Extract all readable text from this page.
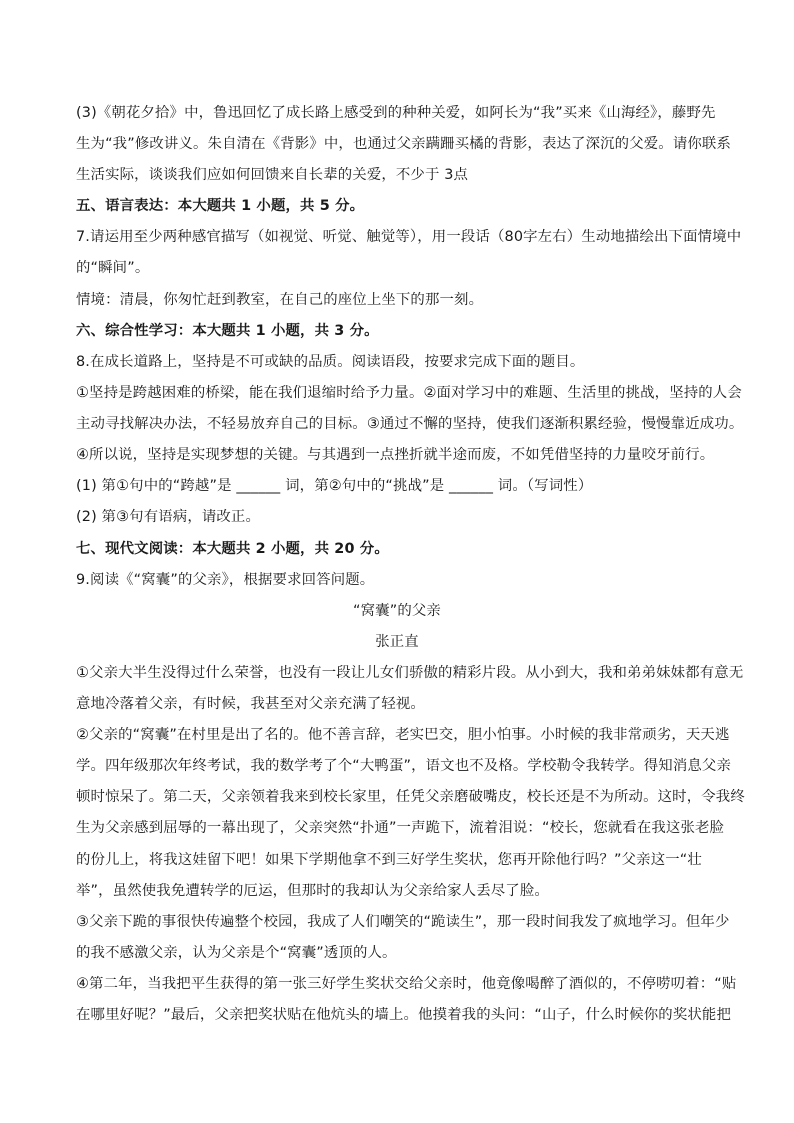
(3)《朝花夕拾》中，鲁迅回忆了成长路上感受到的种种关爱，如阿长为“我”买来《山海经》，藤野先
生为“我”修改讲义。朱自清在《背影》中，也通过父亲蹒跚买橘的背影，表达了深沉的父爱。请你联系
生活实际，谈谈我们应如何回馈来自长辈的关爱，不少于 3点
五、语言表达：本大题共 1 小题，共 5 分。
7.请运用至少两种感官描写（如视觉、听觉、触觉等），用一段话（80字左右）生动地描绘出下面情境中
的“瞬间”。
情境：清晨，你匆忙赶到教室，在自己的座位上坐下的那一刻。
六、综合性学习：本大题共 1 小题，共 3 分。
8.在成长道路上，坚持是不可或缺的品质。阅读语段，按要求完成下面的题目。
①坚持是跨越困难的桥梁，能在我们退缩时给予力量。②面对学习中的难题、生活里的挑战，坚持的人会
主动寻找解决办法，不轻易放弃自己的目标。③通过不懈的坚持，使我们逐渐积累经验，慢慢靠近成功。
④所以说，坚持是实现梦想的关键。与其遇到一点挫折就半途而废，不如凭借坚持的力量咬牙前行。
(1) 第①句中的“跨越”是 ______ 词，第②句中的“挑战”是 ______ 词。（写词性）
(2) 第③句有语病，请改正。
七、现代文阅读：本大题共 2 小题，共 20 分。
9.阅读《“窝囊”的父亲》，根据要求回答问题。
“窝囊”的父亲
张正直
①父亲大半生没得过什么荣誉，也没有一段让儿女们骄傲的精彩片段。从小到大，我和弟弟妹妹都有意无
意地冷落着父亲，有时候，我甚至对父亲充满了轻视。
②父亲的“窝囊”在村里是出了名的。他不善言辞，老实巴交，胆小怕事。小时候的我非常顽劣，天天逃
学。四年级那次年终考试，我的数学考了个“大鸭蛋”，语文也不及格。学校勒令我转学。得知消息父亲
顿时惊呆了。第二天，父亲领着我来到校长家里，任凭父亲磨破嘴皮，校长还是不为所动。这时，令我终
生为父亲感到屈辱的一幕出现了，父亲突然“扑通”一声跪下，流着泪说：“校长，您就看在我这张老脸
的份儿上，将我这娃留下吧！如果下学期他拿不到三好学生奖状，您再开除他行吗？”父亲这一“壮
举”，虽然使我免遭转学的厄运，但那时的我却认为父亲给家人丢尽了脸。
③父亲下跪的事很快传遍整个校园，我成了人们嘲笑的“跪读生”，那一段时间我发了疯地学习。但年少
的我不感激父亲，认为父亲是个“窝囊”透顶的人。
④第二年，当我把平生获得的第一张三好学生奖状交给父亲时，他竟像喝醉了酒似的，不停唠叨着：“贴
在哪里好呢？”最后，父亲把奖状贴在他炕头的墙上。他摸着我的头问：“山子，什么时候你的奖状能把
